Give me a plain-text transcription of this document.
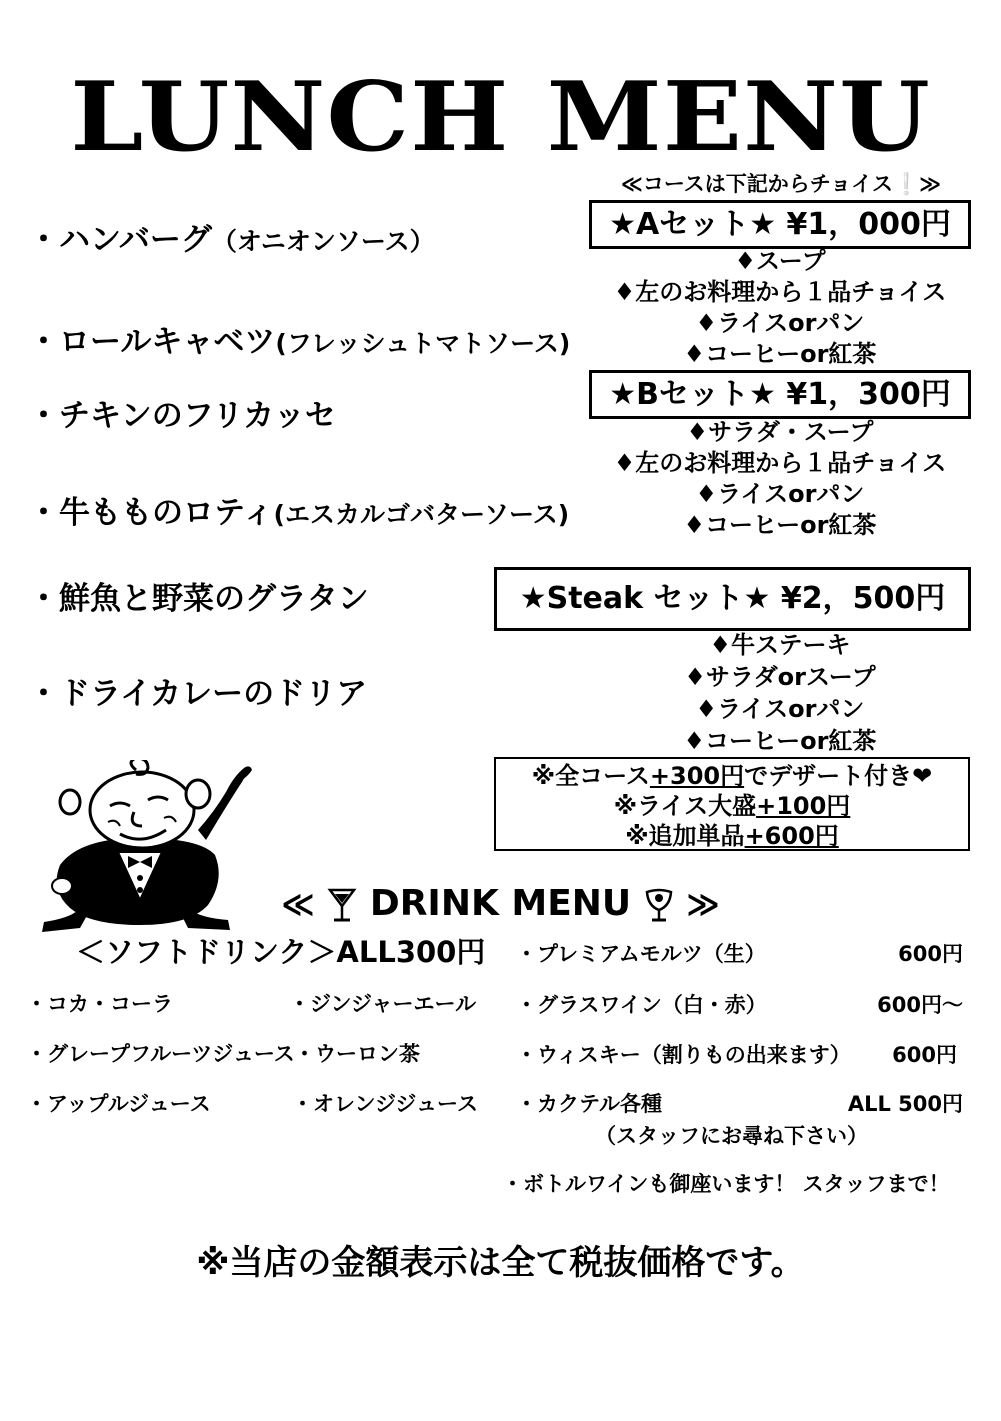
LUNCH MENU
・ハンバーグ（オニオンソース）
・ロールキャベツ(フレッシュトマトソース)
・チキンのフリカッセ
・牛もものロティ(エスカルゴバターソース)
・鮮魚と野菜のグラタン
・ドライカレーのドリア
≪コースは下記からチョイス❕≫
★Aセット★ ¥1，000円
♦スープ
♦左のお料理から１品チョイス
♦ライスorパン
♦コーヒーor紅茶
★Bセット★ ¥1，300円
♦サラダ・スープ
♦左のお料理から１品チョイス
♦ライスorパン
♦コーヒーor紅茶
★Steak セット★ ¥2，500円
♦牛ステーキ
♦サラダorスープ
♦ライスorパン
♦コーヒーor紅茶
※全コース+300円でデザート付き❤
※ライス大盛+100円
※追加単品+600円
≪ DRINK MENU ≫
＜ソフトドリンク＞ALL300円
・コカ・コーラ
・グレープフルーツジュース
・アップルジュース
・ジンジャーエール
・ウーロン茶
・オレンジジュース
・プレミアムモルツ（生）	600円
・グラスワイン（白・赤）	600円～
・ウィスキー（割りもの出来ます）	600円
・カクテル各種	ALL 500円
（スタッフにお尋ね下さい）
・ボトルワインも御座います！ スタッフまで！
※当店の金額表示は全て税抜価格です。
